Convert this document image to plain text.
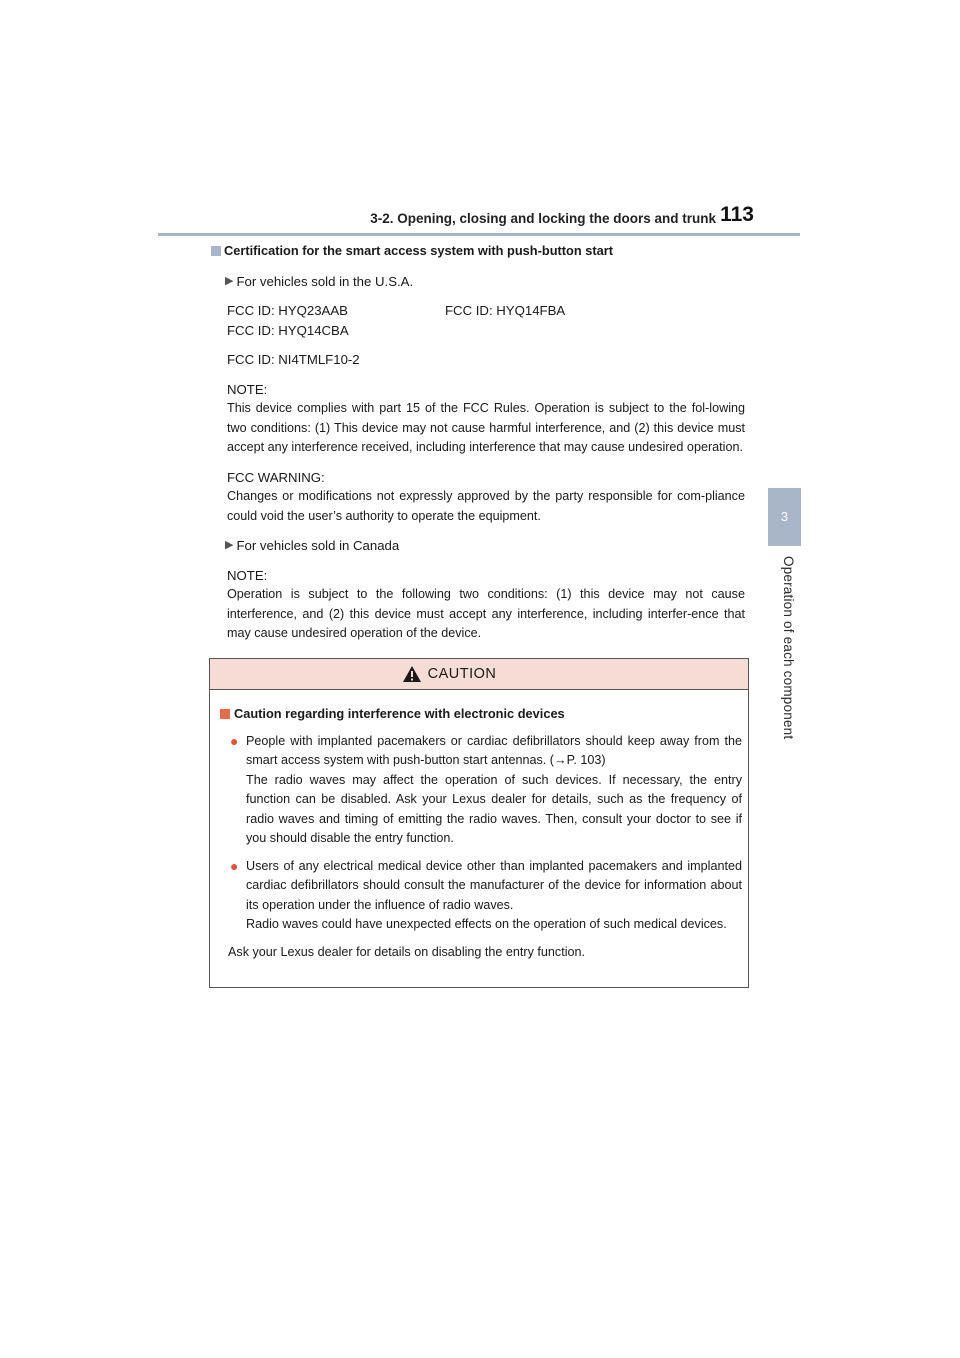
3-2. Opening, closing and locking the doors and trunk 113
3
Operation of each component
Certification for the smart access system with push-button start
▶ For vehicles sold in the U.S.A.
FCC ID: HYQ23AAB	FCC ID: HYQ14FBA
FCC ID: HYQ14CBA
FCC ID: NI4TMLF10-2

NOTE:

This device complies with part 15 of the FCC Rules. Operation is subject to the fol-lowing two conditions: (1) This device may not cause harmful interference, and (2) this device must accept any interference received, including interference that may cause undesired operation.

FCC WARNING:

Changes or modifications not expressly approved by the party responsible for com-pliance could void the user’s authority to operate the equipment.

▶ For vehicles sold in Canada

NOTE:

Operation is subject to the following two conditions: (1) this device may not cause interference, and (2) this device must accept any interference, including interfer-ence that may cause undesired operation of the device.

CAUTION
Caution regarding interference with electronic devices
● People with implanted pacemakers or cardiac defibrillators should keep away from the smart access system with push-button start antennas. (→P. 103)

The radio waves may affect the operation of such devices. If necessary, the entry function can be disabled. Ask your Lexus dealer for details, such as the frequency of radio waves and timing of emitting the radio waves. Then, consult your doctor to see if you should disable the entry function.

● Users of any electrical medical device other than implanted pacemakers and implanted cardiac defibrillators should consult the manufacturer of the device for information about its operation under the influence of radio waves.

Radio waves could have unexpected effects on the operation of such medical devices.

Ask your Lexus dealer for details on disabling the entry function.
